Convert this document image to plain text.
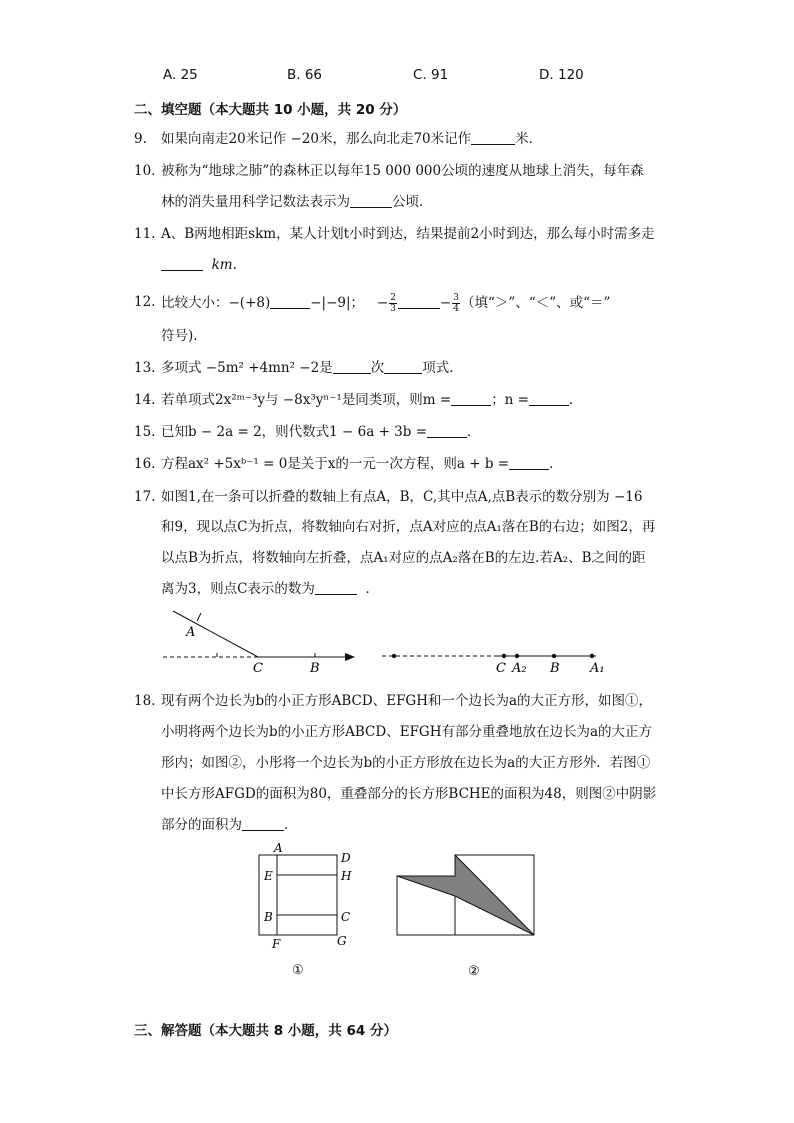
A. 25	B. 66	C. 91	D. 120
二、填空题（本大题共 10 小题，共 20 分）
9. 如果向南走20米记作 −20米，那么向北走70米记作	米．
10. 被称为“地球之肺”的森林正以每年15 000 000公顷的速度从地球上消失，每年森
林的消失量用科学记数法表示为	公顷．
11. A、B两地相距skm，某人计划t小时到达，结果提前2小时到达，那么每小时需多走
km.
12. 比较大小：−(+8)	−|−9|；   − $\frac{2}{3}$	− $\frac{3}{4}$ （填“＞”、“＜”、或“＝”
符号).
13. 多项式 −5m² +4mn² −2是	次	项式．
14. 若单项式2x²ᵐ⁻³y与 −8x³yⁿ⁻¹是同类项，则m =	；n =	．
15. 已知b − 2a = 2，则代数式1 − 6a + 3b =	．
16. 方程ax² +5xᵇ⁻¹ = 0是关于x的一元一次方程，则a + b =	．
17. 如图1,在一条可以折叠的数轴上有点A，B，C,其中点A,点B表示的数分别为 −16
和9，现以点C为折点，将数轴向右对折，点A对应的点A₁落在B的右边；如图2，再
以点B为折点，将数轴向左折叠，点A₁对应的点A₂落在B的左边.若A₂、B之间的距
离为3，则点C表示的数为	．
A
C	B	C A₂ B A₁
18. 现有两个边长为b的小正方形ABCD、EFGH和一个边长为a的大正方形，如图①，
小明将两个边长为b的小正方形ABCD、EFGH有部分重叠地放在边长为a的大正方
形内；如图②，小彤将一个边长为b的小正方形放在边长为a的大正方形外．若图①
中长方形AFGD的面积为80，重叠部分的长方形BCHE的面积为48，则图②中阴影
部分的面积为	．
A
D
E	H
B	C
F	G
①	②
三、解答题（本大题共 8 小题，共 64 分）
